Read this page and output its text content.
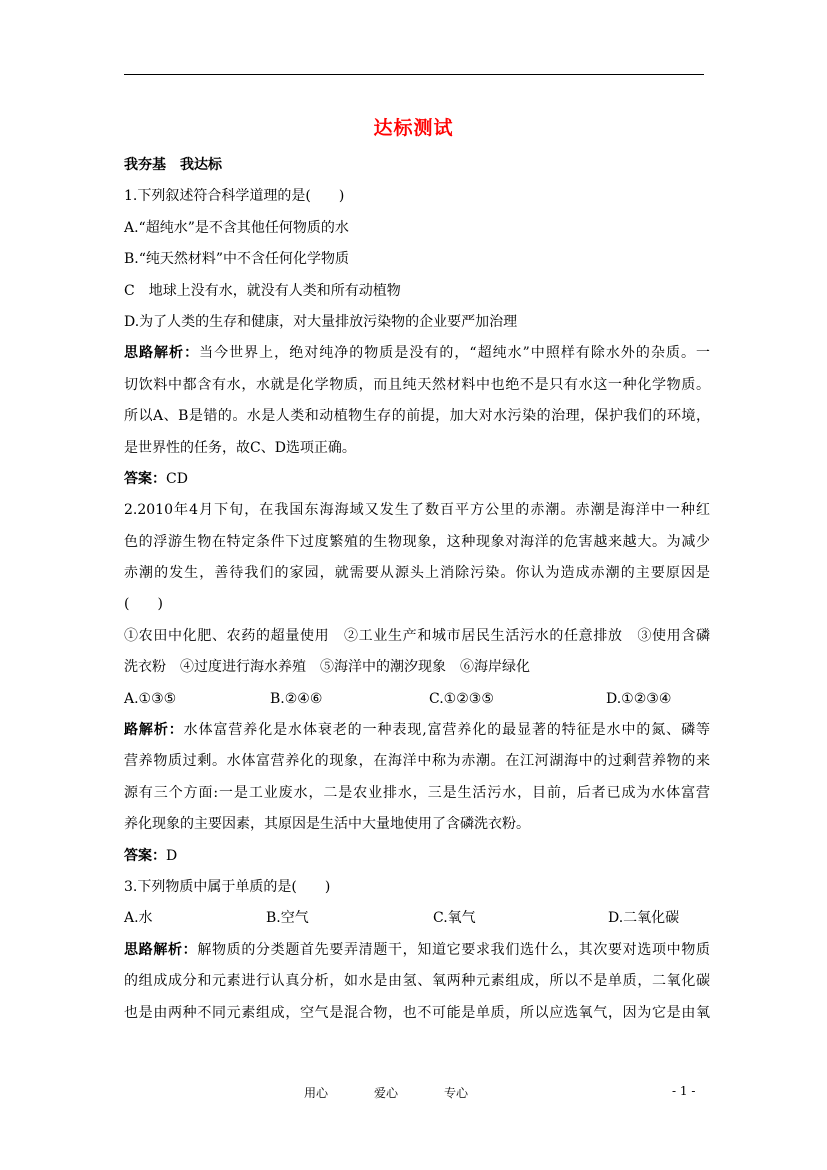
达标测试
我夯基　我达标
1.下列叙述符合科学道理的是(　　)
A.“超纯水”是不含其他任何物质的水
B.“纯天然材料”中不含任何化学物质
C　地球上没有水，就没有人类和所有动植物
D.为了人类的生存和健康，对大量排放污染物的企业要严加治理
思路解析：当今世界上，绝对纯净的物质是没有的，“超纯水”中照样有除水外的杂质。一
切饮料中都含有水，水就是化学物质，而且纯天然材料中也绝不是只有水这一种化学物质。
所以A、B是错的。水是人类和动植物生存的前提，加大对水污染的治理，保护我们的环境，
是世界性的任务，故C、D选项正确。
答案：CD
2.2010年4月下旬，在我国东海海域又发生了数百平方公里的赤潮。赤潮是海洋中一种红
色的浮游生物在特定条件下过度繁殖的生物现象，这种现象对海洋的危害越来越大。为减少
赤潮的发生，善待我们的家园，就需要从源头上消除污染。你认为造成赤潮的主要原因是
(　　)
①农田中化肥、农药的超量使用　②工业生产和城市居民生活污水的任意排放　③使用含磷
洗衣粉　④过度进行海水养殖　⑤海洋中的潮汐现象　⑥海岸绿化
A.①③⑤	B.②④⑥	C.①②③⑤	D.①②③④
路解析：水体富营养化是水体衰老的一种表现,富营养化的最显著的特征是水中的氮、磷等
营养物质过剩。水体富营养化的现象，在海洋中称为赤潮。在江河湖海中的过剩营养物的来
源有三个方面:一是工业废水，二是农业排水，三是生活污水，目前，后者已成为水体富营
养化现象的主要因素，其原因是生活中大量地使用了含磷洗衣粉。
答案：D
3.下列物质中属于单质的是(　　)
A.水	B.空气	C.氧气	D.二氧化碳
思路解析：解物质的分类题首先要弄清题干，知道它要求我们选什么，其次要对选项中物质
的组成成分和元素进行认真分析，如水是由氢、氧两种元素组成，所以不是单质，二氧化碳
也是由两种不同元素组成，空气是混合物，也不可能是单质，所以应选氧气，因为它是由氧
用心	爱心	专心	- 1 -
